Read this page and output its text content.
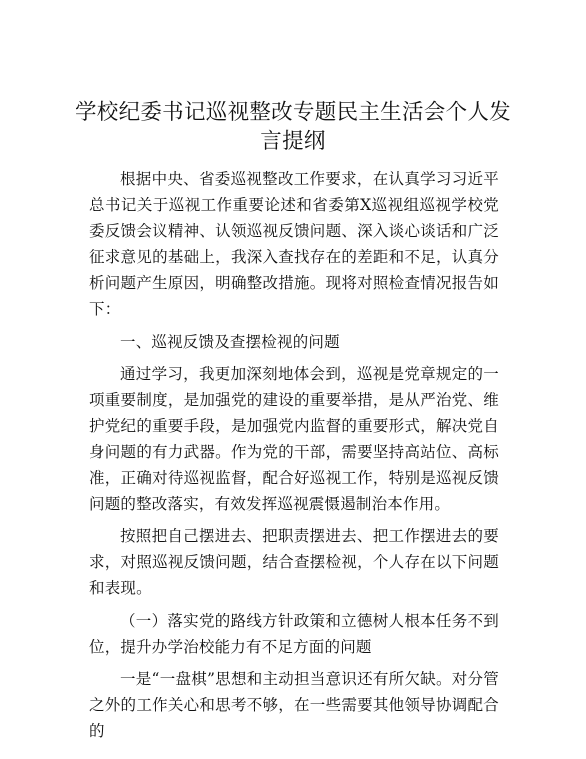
学校纪委书记巡视整改专题民主生活会个人发言提纲

根据中央、省委巡视整改工作要求，在认真学习习近平总书记关于巡视工作重要论述和省委第X巡视组巡视学校党委反馈会议精神、认领巡视反馈问题、深入谈心谈话和广泛征求意见的基础上，我深入查找存在的差距和不足，认真分析问题产生原因，明确整改措施。现将对照检查情况报告如下：

一、巡视反馈及查摆检视的问题

通过学习，我更加深刻地体会到，巡视是党章规定的一项重要制度，是加强党的建设的重要举措，是从严治党、维护党纪的重要手段，是加强党内监督的重要形式，解决党自身问题的有力武器。作为党的干部，需要坚持高站位、高标准，正确对待巡视监督，配合好巡视工作，特别是巡视反馈问题的整改落实，有效发挥巡视震慑遏制治本作用。

按照把自己摆进去、把职责摆进去、把工作摆进去的要求，对照巡视反馈问题，结合查摆检视，个人存在以下问题和表现。

（一）落实党的路线方针政策和立德树人根本任务不到位，提升办学治校能力有不足方面的问题

一是“一盘棋”思想和主动担当意识还有所欠缺。对分管之外的工作关心和思考不够，在一些需要其他领导协调配合的
